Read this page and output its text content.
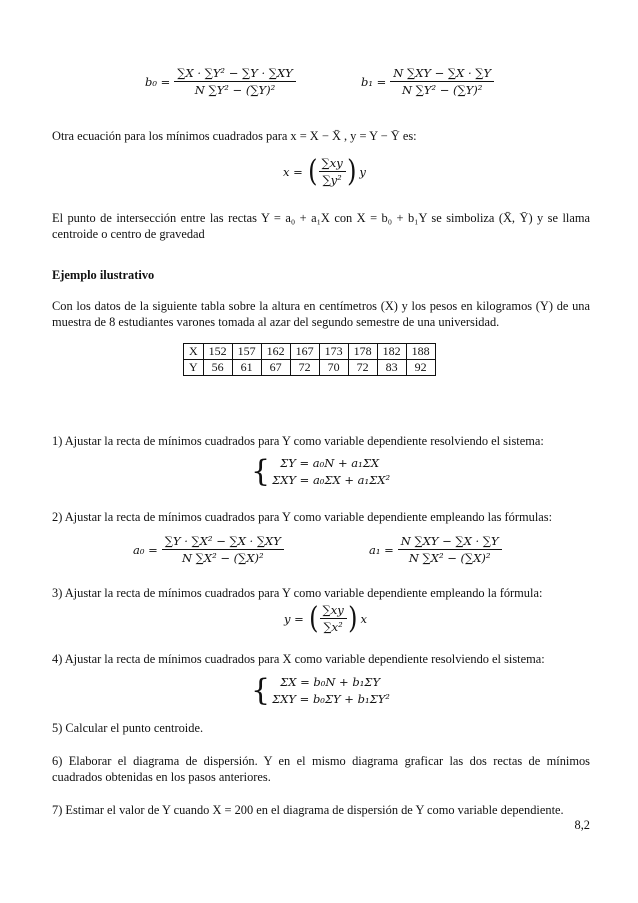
$b_0 = \frac{\text{∑X · ∑Y² − ∑Y · ∑XY}}{\text{N ∑Y² − (∑Y)²}}$	$b_1 = \frac{N \sum XY - \sum X \cdot \sum Y}{\text{N ∑Y² − (∑Y)²}}$
Otra ecuación para los mínimos cuadrados para x = X − X̄ , y = Y − Ȳ es:
x = ( $\frac{\sum xy}{\text{∑y²}}$ ) y
El punto de intersección entre las rectas Y = a₀ + a₁X con X = b₀ + b₁Y se simboliza (X̄, Ȳ) y se llama centroide o centro de gravedad
Ejemplo ilustrativo
Con los datos de la siguiente tabla sobre la altura en centímetros (X) y los pesos en kilogramos (Y) de una muestra de 8 estudiantes varones tomada al azar del segundo semestre de una universidad.
X	152	157	162	167	173	178	182	188
Y	56	61	67	72	70	72	83	92
1) Ajustar la recta de mínimos cuadrados para Y como variable dependiente resolviendo el sistema:
{ ΣY = a₀N + a₁ΣX
ΣXY = a₀ΣX + a₁ΣX²
2) Ajustar la recta de mínimos cuadrados para Y como variable dependiente empleando las fórmulas:
$a_0 = \frac{\text{∑Y · ∑X² − ∑X · ∑XY}}{\text{N ∑X² − (∑X)²}}$	$a_1 = \frac{N \sum XY - \sum X \cdot \sum Y}{\text{N ∑X² − (∑X)²}}$
3) Ajustar la recta de mínimos cuadrados para Y como variable dependiente empleando la fórmula:
y = ( $\frac{\sum xy}{\text{∑x²}}$ ) x
4) Ajustar la recta de mínimos cuadrados para X como variable dependiente resolviendo el sistema:
{ ΣX = b₀N + b₁ΣY
ΣXY = b₀ΣY + b₁ΣY²
5) Calcular el punto centroide.
6) Elaborar el diagrama de dispersión. Y en el mismo diagrama graficar las dos rectas de mínimos cuadrados obtenidas en los pasos anteriores.
7) Estimar el valor de Y cuando X = 200 en el diagrama de dispersión de Y como variable dependiente.
8,2
